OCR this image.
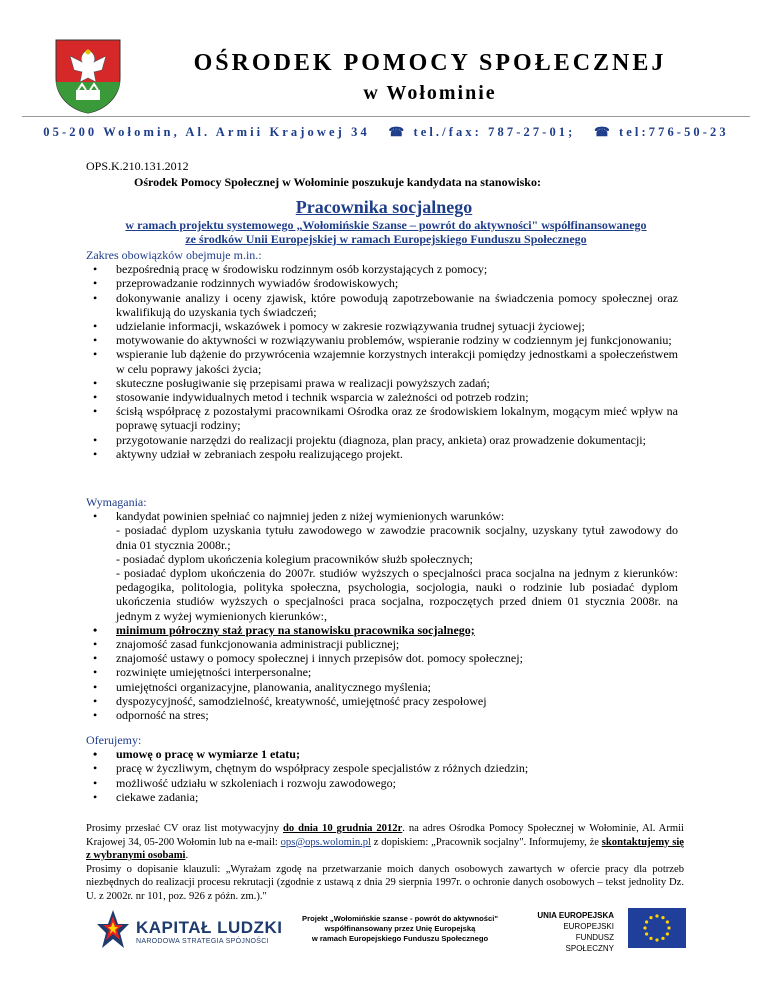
OŚRODEK POMOCY SPOŁECZNEJ
w Wołominie
05-200 Wołomin, Al. Armii Krajowej 34 ☎ tel./fax: 787-27-01; ☎ tel:776-50-23
OPS.K.210.131.2012
Ośrodek Pomocy Społecznej w Wołominie poszukuje kandydata na stanowisko:
Pracownika socjalnego
w ramach projektu systemowego „Wołomińskie Szanse – powrót do aktywności" współfinansowanego
ze środków Unii Europejskiej w ramach Europejskiego Funduszu Społecznego
Zakres obowiązków obejmuje m.in.:
• bezpośrednią pracę w środowisku rodzinnym osób korzystających z pomocy;
• przeprowadzanie rodzinnych wywiadów środowiskowych;
• dokonywanie analizy i oceny zjawisk, które powodują zapotrzebowanie na świadczenia pomocy społecznej oraz kwalifikują do uzyskania tych świadczeń;
• udzielanie informacji, wskazówek i pomocy w zakresie rozwiązywania trudnej sytuacji życiowej;
• motywowanie do aktywności w rozwiązywaniu problemów, wspieranie rodziny w codziennym jej funkcjonowaniu;
• wspieranie lub dążenie do przywrócenia wzajemnie korzystnych interakcji pomiędzy jednostkami a społeczeństwem w celu poprawy jakości życia;
• skuteczne posługiwanie się przepisami prawa w realizacji powyższych zadań;
• stosowanie indywidualnych metod i technik wsparcia w zależności od potrzeb rodzin;
• ścisłą współpracę z pozostałymi pracownikami Ośrodka oraz ze środowiskiem lokalnym, mogącym mieć wpływ na poprawę sytuacji rodziny;
• przygotowanie narzędzi do realizacji projektu (diagnoza, plan pracy, ankieta) oraz prowadzenie dokumentacji;
• aktywny udział w zebraniach zespołu realizującego projekt.
Wymagania:
• kandydat powinien spełniać co najmniej jeden z niżej wymienionych warunków:
- posiadać dyplom uzyskania tytułu zawodowego w zawodzie pracownik socjalny, uzyskany tytuł zawodowy do dnia 01 stycznia 2008r.;
- posiadać dyplom ukończenia kolegium pracowników służb społecznych;
- posiadać dyplom ukończenia do 2007r. studiów wyższych o specjalności praca socjalna na jednym z kierunków: pedagogika, politologia, polityka społeczna, psychologia, socjologia, nauki o rodzinie lub posiadać dyplom ukończenia studiów wyższych o specjalności praca socjalna, rozpoczętych przed dniem 01 stycznia 2008r. na jednym z wyżej wymienionych kierunków:,
• minimum półroczny staż pracy na stanowisku pracownika socjalnego;
• znajomość zasad funkcjonowania administracji publicznej;
• znajomość ustawy o pomocy społecznej i innych przepisów dot. pomocy społecznej;
• rozwinięte umiejętności interpersonalne;
• umiejętności organizacyjne, planowania, analitycznego myślenia;
• dyspozycyjność, samodzielność, kreatywność, umiejętność pracy zespołowej
• odporność na stres;
Oferujemy:
• umowę o pracę w wymiarze 1 etatu;
• pracę w życzliwym, chętnym do współpracy zespole specjalistów z różnych dziedzin;
• możliwość udziału w szkoleniach i rozwoju zawodowego;
• ciekawe zadania;
Prosimy przesłać CV oraz list motywacyjny do dnia 10 grudnia 2012r. na adres Ośrodka Pomocy Społecznej w Wołominie, Al. Armii Krajowej 34, 05-200 Wołomin lub na e-mail: ops@ops.wolomin.pl z dopiskiem: „Pracownik socjalny". Informujemy, że skontaktujemy się z wybranymi osobami.
Prosimy o dopisanie klauzuli: „Wyrażam zgodę na przetwarzanie moich danych osobowych zawartych w ofercie pracy dla potrzeb niezbędnych do realizacji procesu rekrutacji (zgodnie z ustawą z dnia 29 sierpnia 1997r. o ochronie danych osobowych – tekst jednolity Dz. U. z 2002r. nr 101, poz. 926 z późn. zm.)."
KAPITAŁ LUDZKI
NARODOWA STRATEGIA SPÓJNOŚCI
Projekt „Wołomińskie szanse - powrót do aktywności"
współfinansowany przez Unię Europejską
w ramach Europejskiego Funduszu Społecznego
UNIA EUROPEJSKA
EUROPEJSKI
FUNDUSZ SPOŁECZNY
